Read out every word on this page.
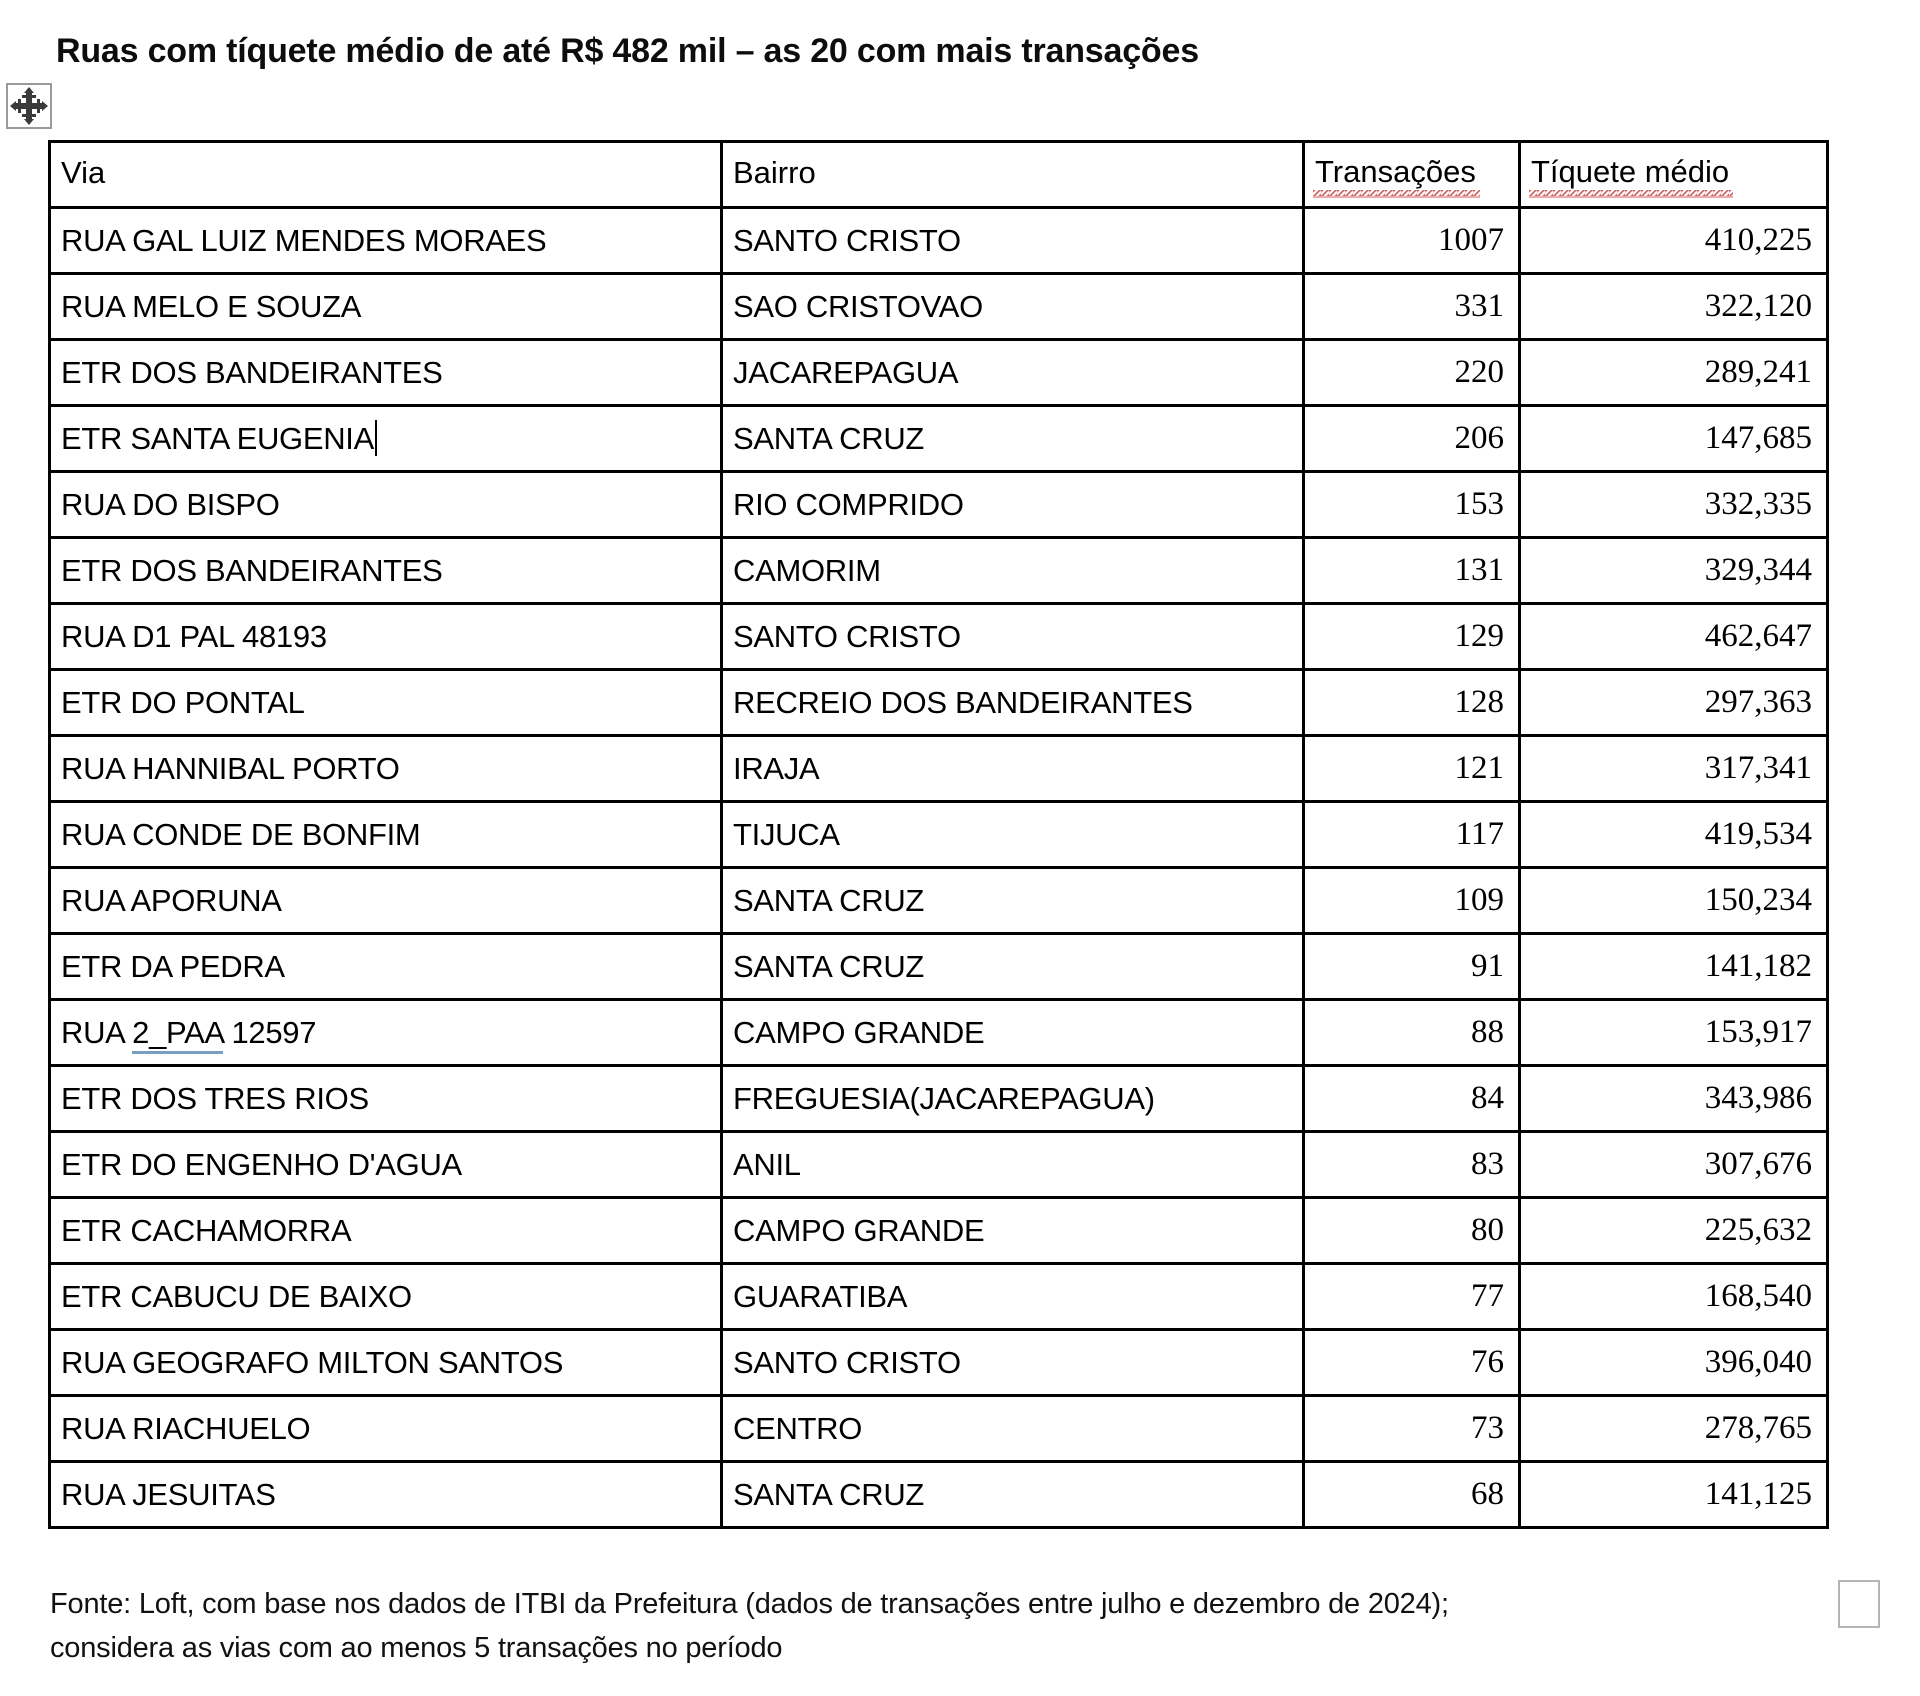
Ruas com tíquete médio de até R$ 482 mil – as 20 com mais transações
Via	Bairro	Transações	Tíquete médio
RUA GAL LUIZ MENDES MORAES	SANTO CRISTO	1007	410,225
RUA MELO E SOUZA	SAO CRISTOVAO	331	322,120
ETR DOS BANDEIRANTES	JACAREPAGUA	220	289,241
ETR SANTA EUGENIA	SANTA CRUZ	206	147,685
RUA DO BISPO	RIO COMPRIDO	153	332,335
ETR DOS BANDEIRANTES	CAMORIM	131	329,344
RUA D1 PAL 48193	SANTO CRISTO	129	462,647
ETR DO PONTAL	RECREIO DOS BANDEIRANTES	128	297,363
RUA HANNIBAL PORTO	IRAJA	121	317,341
RUA CONDE DE BONFIM	TIJUCA	117	419,534
RUA APORUNA	SANTA CRUZ	109	150,234
ETR DA PEDRA	SANTA CRUZ	91	141,182
RUA 2_PAA 12597	CAMPO GRANDE	88	153,917
ETR DOS TRES RIOS	FREGUESIA(JACAREPAGUA)	84	343,986
ETR DO ENGENHO D'AGUA	ANIL	83	307,676
ETR CACHAMORRA	CAMPO GRANDE	80	225,632
ETR CABUCU DE BAIXO	GUARATIBA	77	168,540
RUA GEOGRAFO MILTON SANTOS	SANTO CRISTO	76	396,040
RUA RIACHUELO	CENTRO	73	278,765
RUA JESUITAS	SANTA CRUZ	68	141,125
Fonte: Loft, com base nos dados de ITBI da Prefeitura (dados de transações entre julho e dezembro de 2024);
considera as vias com ao menos 5 transações no período
